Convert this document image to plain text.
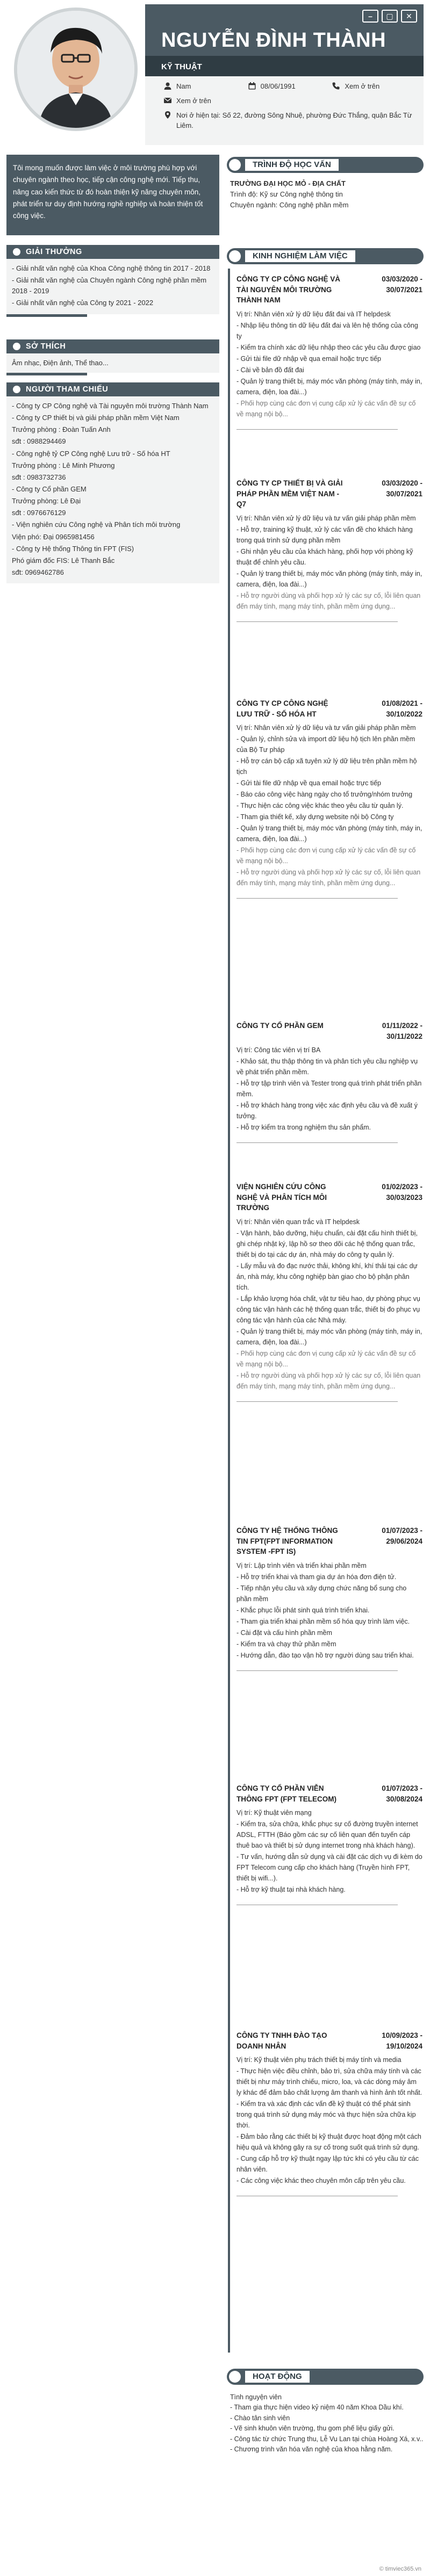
NGUYỄN ĐÌNH THÀNH
–	▢	✕
KỸ THUẬT
Nam	08/06/1991	Xem ở trên
Xem ở trên
Nơi ở hiện tại: Số 22, đường Sông Nhuệ, phường Đức Thắng, quận Bắc Từ Liêm.
Tôi mong muốn được làm việc ở môi trường phù hợp với chuyên ngành theo học, tiếp cận công nghệ mới. Tiếp thu, nâng cao kiến thức từ đó hoàn thiện kỹ năng chuyên môn, phát triển tư duy định hướng nghề nghiệp và hoàn thiện tốt công việc.
GIẢI THƯỞNG

- Giải nhất văn nghệ của Khoa Công nghệ thông tin 2017 - 2018

- Giải nhất văn nghệ của Chuyên ngành Công nghệ phần mềm 2018 - 2019

- Giải nhất văn nghệ của Công ty 2021 - 2022

SỞ THÍCH
Âm nhạc, Điện ảnh, Thể thao...
NGƯỜI THAM CHIẾU

- Công ty CP Công nghệ và Tài nguyên môi trường Thành Nam

- Công ty CP thiết bị và giải pháp phần mềm Việt Nam

Trưởng phòng : Đoàn Tuấn Anh

sđt : 0988294469

- Công nghệ tỷ CP Công nghệ Lưu trữ - Số hóa HT

Trưởng phòng : Lê Minh Phương

sđt : 0983732736

- Công ty Cổ phần GEM

Trưởng phòng: Lê Đại

sđt : 0976676129

- Viện nghiên cứu Công nghệ và Phân tích môi trường

Viện phó: Đại 0965981456

- Công ty Hệ thống Thông tin FPT (FIS)

Phó giám đốc FIS: Lê Thanh Bắc

sđt: 0969462786

TRÌNH ĐỘ HỌC VẤN

TRƯỜNG ĐẠI HỌC MỎ - ĐỊA CHẤT

Trình độ: Kỹ sư Công nghệ thông tin

Chuyên ngành: Công nghệ phần mềm

KINH NGHIỆM LÀM VIỆC
CÔNG TY CP CÔNG NGHỆ VÀ TÀI NGUYÊN MÔI TRƯỜNG THÀNH NAM
03/03/2020 - 30/07/2021

Vị trí: Nhân viên xử lý dữ liệu đất đai và IT helpdesk

- Nhập liệu thông tin dữ liệu đất đai và lên hệ thống của công ty

- Kiểm tra chính xác dữ liệu nhập theo các yêu cầu được giao

- Gửi tài file dữ nhập về qua email hoặc trực tiếp

- Cài về bản đồ đất đai

- Quản lý trang thiết bị, máy móc văn phòng (máy tính, máy in, camera, điện, loa đài...)

- Phối hợp cùng các đơn vị cung cấp xử lý các vấn đề sự cố về mạng nội bộ...

CÔNG TY CP THIẾT BỊ VÀ GIẢI PHÁP PHẦN MỀM VIỆT NAM - Q7
03/03/2020 - 30/07/2021

Vị trí: Nhân viên xử lý dữ liệu và tư vấn giải pháp phần mềm

- Hỗ trợ, training kỹ thuật, xử lý các vấn đề cho khách hàng trong quá trình sử dụng phần mềm

- Ghi nhận yêu cầu của khách hàng, phối hợp với phòng kỹ thuật để chỉnh yêu cầu.

- Quản lý trang thiết bị, máy móc văn phòng (máy tính, máy in, camera, điện, loa đài...)

- Hỗ trợ người dùng và phối hợp xử lý các sự cố, lỗi liên quan đến máy tính, mạng máy tính, phần mềm ứng dụng...

CÔNG TY CP CÔNG NGHỆ LƯU TRỮ - SỐ HÓA HT
01/08/2021 - 30/10/2022

Vị trí: Nhân viên xử lý dữ liệu và tư vấn giải pháp phần mềm

- Quản lý, chỉnh sửa và import dữ liệu hộ tịch lên phần mềm của Bộ Tư pháp

- Hỗ trợ cán bộ cấp xã tuyên xử lý dữ liệu trên phần mềm hộ tịch

- Gửi tài file dữ nhập về qua email hoặc trực tiếp

- Báo cáo công việc hàng ngày cho tổ trưởng/nhóm trưởng

- Thực hiện các công việc khác theo yêu cầu từ quản lý.

- Tham gia thiết kế, xây dựng website nội bộ Công ty

- Quản lý trang thiết bị, máy móc văn phòng (máy tính, máy in, camera, điện, loa đài...)

- Phối hợp cùng các đơn vị cung cấp xử lý các vấn đề sự cố về mạng nội bộ...

- Hỗ trợ người dùng và phối hợp xử lý các sự cố, lỗi liên quan đến máy tính, mạng máy tính, phần mềm ứng dụng...

CÔNG TY CỔ PHẦN GEM	01/11/2022 - 30/11/2022

Vị trí: Công tác viên vị trí BA

- Khảo sát, thu thập thông tin và phân tích yêu cầu nghiệp vụ về phát triển phần mềm.

- Hỗ trợ tập trình viên và Tester trong quá trình phát triển phần mềm.

- Hỗ trợ khách hàng trong việc xác định yêu cầu và đề xuất ý tưởng.

- Hỗ trợ kiểm tra trong nghiệm thu sản phẩm.

VIỆN NGHIÊN CỨU CÔNG NGHỆ VÀ PHÂN TÍCH MÔI TRƯỜNG
01/02/2023 - 30/03/2023

Vị trí: Nhân viên quan trắc và IT helpdesk

- Vận hành, bảo dưỡng, hiệu chuẩn, cài đặt cấu hình thiết bị, ghi chép nhật ký, lập hồ sơ theo dõi các hệ thống quan trắc, thiết bị do tại các dự án, nhà máy do công ty quản lý.

- Lấy mẫu và đo đạc nước thải, không khí, khí thải tại các dự án, nhà máy, khu công nghiệp bàn giao cho bộ phận phân tích.

- Lắp khảo lượng hóa chất, vật tư tiêu hao, dự phòng phục vụ công tác vận hành các hệ thống quan trắc, thiết bị đo phục vụ công tác vận hành của các Nhà máy.

- Quản lý trang thiết bị, máy móc văn phòng (máy tính, máy in, camera, điện, loa đài...)

- Phối hợp cùng các đơn vị cung cấp xử lý các vấn đề sự cố về mạng nội bộ...

- Hỗ trợ người dùng và phối hợp xử lý các sự cố, lỗi liên quan đến máy tính, mạng máy tính, phần mềm ứng dụng...

CÔNG TY HỆ THỐNG THÔNG TIN FPT(FPT INFORMATION SYSTEM -FPT IS)
01/07/2023 - 29/06/2024

Vị trí: Lập trình viên và triển khai phần mềm

- Hỗ trợ triển khai và tham gia dự án hóa đơn điện tử.

- Tiếp nhận yêu cầu và xây dựng chức năng bổ sung cho phần mềm

- Khắc phục lỗi phát sinh quá trình triển khai.

- Tham gia triển khai phần mềm số hóa quy trình làm việc.

- Cài đặt và cấu hình phần mềm

- Kiểm tra và chạy thử phần mềm

- Hướng dẫn, đào tạo vận hồ trợ người dùng sau triển khai.

CÔNG TY CỔ PHẦN VIỄN THÔNG FPT (FPT TELECOM)
01/07/2023 - 30/08/2024

Vị trí: Kỹ thuật viên mạng

- Kiểm tra, sửa chữa, khắc phục sự cố đường truyền internet ADSL, FTTH (Báo gồm các sự cố liên quan đến tuyến cáp thuê bao và thiết bị sử dụng internet trong nhà khách hàng).

- Tư vấn, hướng dẫn sử dụng và cài đặt các dịch vụ đi kèm do FPT Telecom cung cấp cho khách hàng (Truyền hình FPT, thiết bị wifi...).

- Hỗ trợ kỹ thuật tại nhà khách hàng.

CÔNG TY TNHH ĐÀO TẠO DOANH NHÂN
10/09/2023 - 19/10/2024

Vị trí: Kỹ thuật viên phụ trách thiết bị máy tính và media

- Thực hiện việc điều chỉnh, bảo trì, sửa chữa máy tính và các thiết bị như máy trình chiếu, micro, loa, và các dòng máy âm ly khác để đảm bảo chất lượng âm thanh và hình ảnh tốt nhất.

- Kiểm tra và xác định các vấn đề kỹ thuật có thể phát sinh trong quá trình sử dụng máy móc và thực hiện sửa chữa kịp thời.

- Đảm bảo rằng các thiết bị kỹ thuật được hoạt động một cách hiệu quả và không gây ra sự cố trong suốt quá trình sử dụng.

- Cung cấp hỗ trợ kỹ thuật ngay lập tức khi có yêu cầu từ các nhân viên.

- Các công việc khác theo chuyên môn cấp trên yêu cầu.

HOẠT ĐỘNG

Tình nguyện viên

- Tham gia thực hiện video kỷ niệm 40 năm Khoa Dầu khí.

- Chào tân sinh viên

- Vẽ sinh khuôn viên trường, thu gom phế liệu giấy gửi.

- Công tác từ chức Trung thu, Lễ Vu Lan tại chùa Hoàng Xá, x.v..

- Chương trình văn hóa văn nghệ của khoa hằng năm.

© timviec365.vn
